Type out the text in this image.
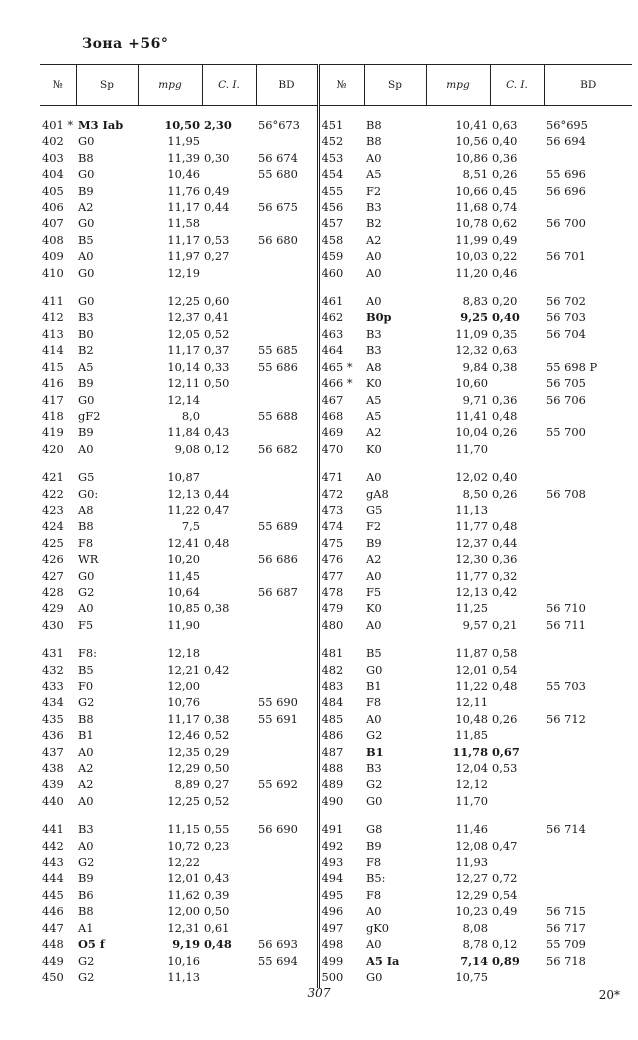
Зона +56°
№	Sp	mpg	C. I.	BD	№	Sp	mpg	C. I.	BD

401 *	M3 Iab	10,50	2,30	56°673	451	B8	10,41	0,63	56°695
402	G0	11,95			452	B8	10,56	0,40	56 694
403	B8	11,39	0,30	56 674	453	A0	10,86	0,36	
404	G0	10,46		55 680	454	A5	8,51	0,26	55 696
405	B9	11,76	0,49		455	F2	10,66	0,45	56 696
406	A2	11,17	0,44	56 675	456	B3	11,68	0,74	
407	G0	11,58			457	B2	10,78	0,62	56 700
408	B5	11,17	0,53	56 680	458	A2	11,99	0,49	
409	A0	11,97	0,27		459	A0	10,03	0,22	56 701
410	G0	12,19			460	A0	11,20	0,46	

411	G0	12,25	0,60		461	A0	8,83	0,20	56 702
412	B3	12,37	0,41		462	B0p	9,25	0,40	56 703
413	B0	12,05	0,52		463	B3	11,09	0,35	56 704
414	B2	11,17	0,37	55 685	464	B3	12,32	0,63	
415	A5	10,14	0,33	55 686	465 *	A8	9,84	0,38	55 698 P
416	B9	12,11	0,50		466 *	K0	10,60		56 705
417	G0	12,14			467	A5	9,71	0,36	56 706
418	gF2	8,0		55 688	468	A5	11,41	0,48	
419	B9	11,84	0,43		469	A2	10,04	0,26	55 700
420	A0	9,08	0,12	56 682	470	K0	11,70		

421	G5	10,87			471	A0	12,02	0,40	
422	G0:	12,13	0,44		472	gA8	8,50	0,26	56 708
423	A8	11,22	0,47		473	G5	11,13		
424	B8	7,5		55 689	474	F2	11,77	0,48	
425	F8	12,41	0,48		475	B9	12,37	0,44	
426	WR	10,20		56 686	476	A2	12,30	0,36	
427	G0	11,45			477	A0	11,77	0,32	
428	G2	10,64		56 687	478	F5	12,13	0,42	
429	A0	10,85	0,38		479	K0	11,25		56 710
430	F5	11,90			480	A0	9,57	0,21	56 711

431	F8:	12,18			481	B5	11,87	0,58	
432	B5	12,21	0,42		482	G0	12,01	0,54	
433	F0	12,00			483	B1	11,22	0,48	55 703
434	G2	10,76		55 690	484	F8	12,11		
435	B8	11,17	0,38	55 691	485	A0	10,48	0,26	56 712
436	B1	12,46	0,52		486	G2	11,85		
437	A0	12,35	0,29		487	B1	11,78	0,67	
438	A2	12,29	0,50		488	B3	12,04	0,53	
439	A2	8,89	0,27	55 692	489	G2	12,12		
440	A0	12,25	0,52		490	G0	11,70		

441	B3	11,15	0,55	56 690	491	G8	11,46		56 714
442	A0	10,72	0,23		492	B9	12,08	0,47	
443	G2	12,22			493	F8	11,93		
444	B9	12,01	0,43		494	B5:	12,27	0,72	
445	B6	11,62	0,39		495	F8	12,29	0,54	
446	B8	12,00	0,50		496	A0	10,23	0,49	56 715
447	A1	12,31	0,61		497	gK0	8,08		56 717
448	O5 f	9,19	0,48	56 693	498	A0	8,78	0,12	55 709
449	G2	10,16		55 694	499	A5 Ia	7,14	0,89	56 718
450	G2	11,13			500	G0	10,75		

307	20*
